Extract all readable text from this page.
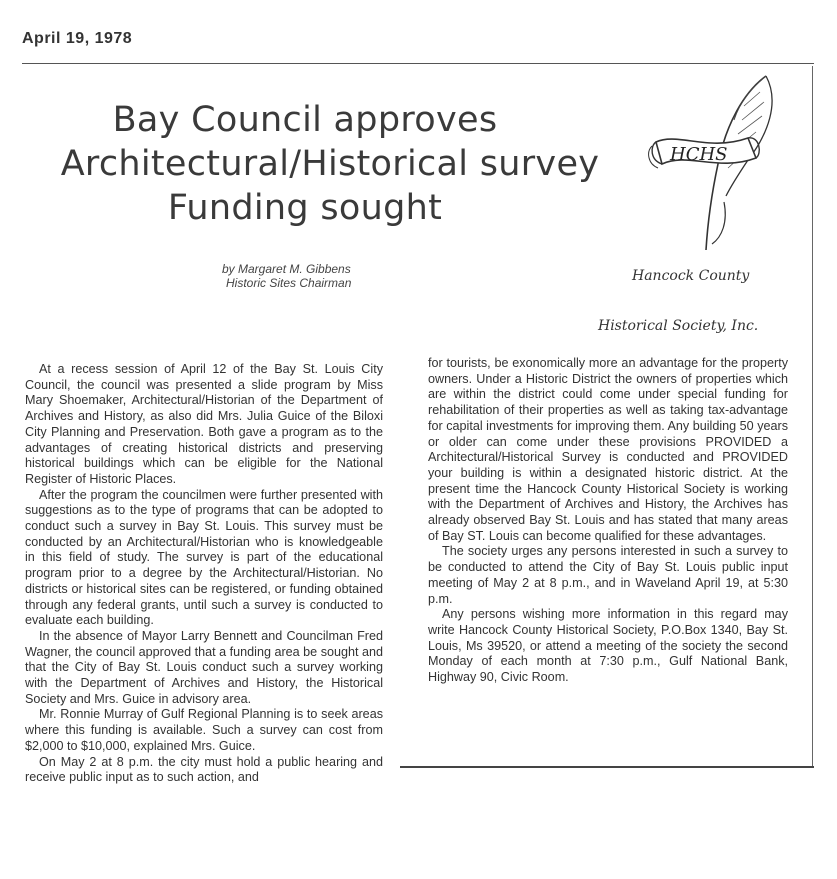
April 19, 1978
Bay Council approves
Architectural/Historical survey
Funding sought
HCHS
by Margaret M. Gibbens
Historic Sites Chairman	Hancock County
Historical Society, Inc.

At a recess session of April 12 of the Bay St. Louis City Council, the council was presented a slide program by Miss Mary Shoemaker, Architectural/Historian of the Department of Archives and History, as also did Mrs. Julia Guice of the Biloxi City Planning and Preservation. Both gave a program as to the advantages of creating historical districts and preserving historical buildings which can be eligible for the National Register of Historic Places.

After the program the councilmen were further presented with suggestions as to the type of programs that can be adopted to conduct such a survey in Bay St. Louis. This survey must be conducted by an Architectural/Historian who is knowledgeable in this field of study. The survey is part of the educational program prior to a degree by the Architectural/Historian. No districts or historical sites can be registered, or funding obtained through any federal grants, until such a survey is conducted to evaluate each building.

In the absence of Mayor Larry Bennett and Councilman Fred Wagner, the council approved that a funding area be sought and that the City of Bay St. Louis conduct such a survey working with the Department of Archives and History, the Historical Society and Mrs. Guice in advisory area.

Mr. Ronnie Murray of Gulf Regional Planning is to seek areas where this funding is available. Such a survey can cost from $2,000 to $10,000, explained Mrs. Guice.

On May 2 at 8 p.m. the city must hold a public hearing and receive public input as to such action, and

for tourists, be exonomically more an advantage for the property owners. Under a Historic District the owners of properties which are within the district could come under special funding for rehabilitation of their properties as well as taking tax-advantage for capital investments for improving them. Any building 50 years or older can come under these provisions PROVIDED a Architectural/Historical Survey is conducted and PROVIDED your building is within a designated historic district. At the present time the Hancock County Historical Society is working with the Department of Archives and History, the Archives has already observed Bay St. Louis and has stated that many areas of Bay ST. Louis can become qualified for these advantages.

The society urges any persons interested in such a survey to be conducted to attend the City of Bay St. Louis public input meeting of May 2 at 8 p.m., and in Waveland April 19, at 5:30 p.m.

Any persons wishing more information in this regard may write Hancock County Historical Society, P.O.Box 1340, Bay St. Louis, Ms 39520, or attend a meeting of the society the second Monday of each month at 7:30 p.m., Gulf National Bank, Highway 90, Civic Room.
